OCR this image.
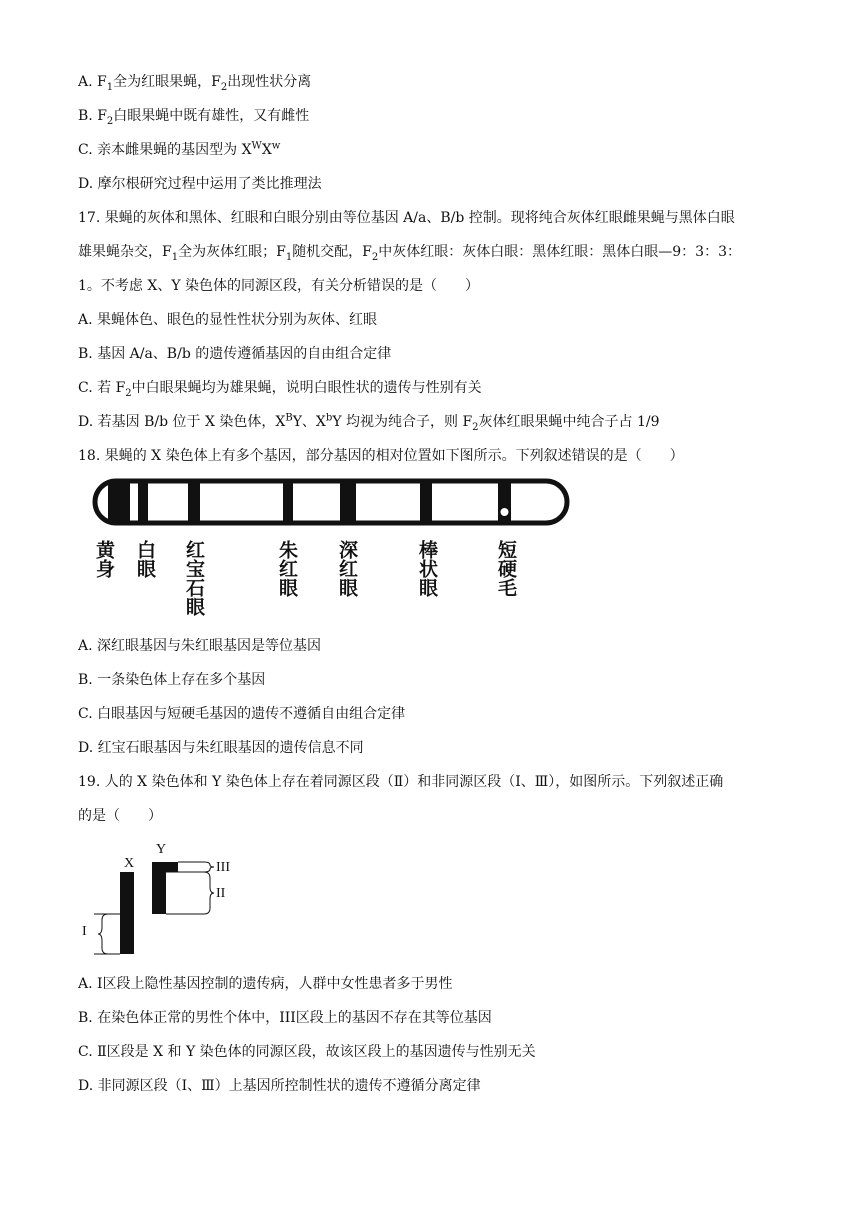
A. $F_1$全为红眼果蝇，$F_2$出现性状分离
B. $F_2$白眼果蝇中既有雄性，又有雌性
C. 亲本雌果蝇的基因型为 $X^WX^w$
D. 摩尔根研究过程中运用了类比推理法
17. 果蝇的灰体和黑体、红眼和白眼分别由等位基因 A/a、B/b 控制。现将纯合灰体红眼雌果蝇与黑体白眼
雄果蝇杂交，$F_1$全为灰体红眼；$F_1$随机交配，$F_2$中灰体红眼：灰体白眼：黑体红眼：黑体白眼—9：3：3：
1。不考虑 X、Y 染色体的同源区段，有关分析错误的是（　　）
A. 果蝇体色、眼色的显性性状分别为灰体、红眼
B. 基因 A/a、B/b 的遗传遵循基因的自由组合定律
C. 若 $F_2$中白眼果蝇均为雄果蝇，说明白眼性状的遗传与性别有关
D. 若基因 B/b 位于 X 染色体，$X^BY$、$X^bY$ 均视为纯合子，则 $F_2$灰体红眼果蝇中纯合子占 1/9
18. 果蝇的 X 染色体上有多个基因，部分基因的相对位置如下图所示。下列叙述错误的是（　　）
黄身 白眼 红宝石眼	朱红眼 深红眼	棒状眼	短硬毛
A. 深红眼基因与朱红眼基因是等位基因
B. 一条染色体上存在多个基因
C. 白眼基因与短硬毛基因的遗传不遵循自由组合定律
D. 红宝石眼基因与朱红眼基因的遗传信息不同
19. 人的 X 染色体和 Y 染色体上存在着同源区段（Ⅱ）和非同源区段（Ⅰ、Ⅲ），如图所示。下列叙述正确
的是（　　）
X
Y
III
II
I
A. Ⅰ区段上隐性基因控制的遗传病，人群中女性患者多于男性
B. 在染色体正常的男性个体中，III区段上的基因不存在其等位基因
C. Ⅱ区段是 X 和 Y 染色体的同源区段，故该区段上的基因遗传与性别无关
D. 非同源区段（Ⅰ、Ⅲ）上基因所控制性状的遗传不遵循分离定律
